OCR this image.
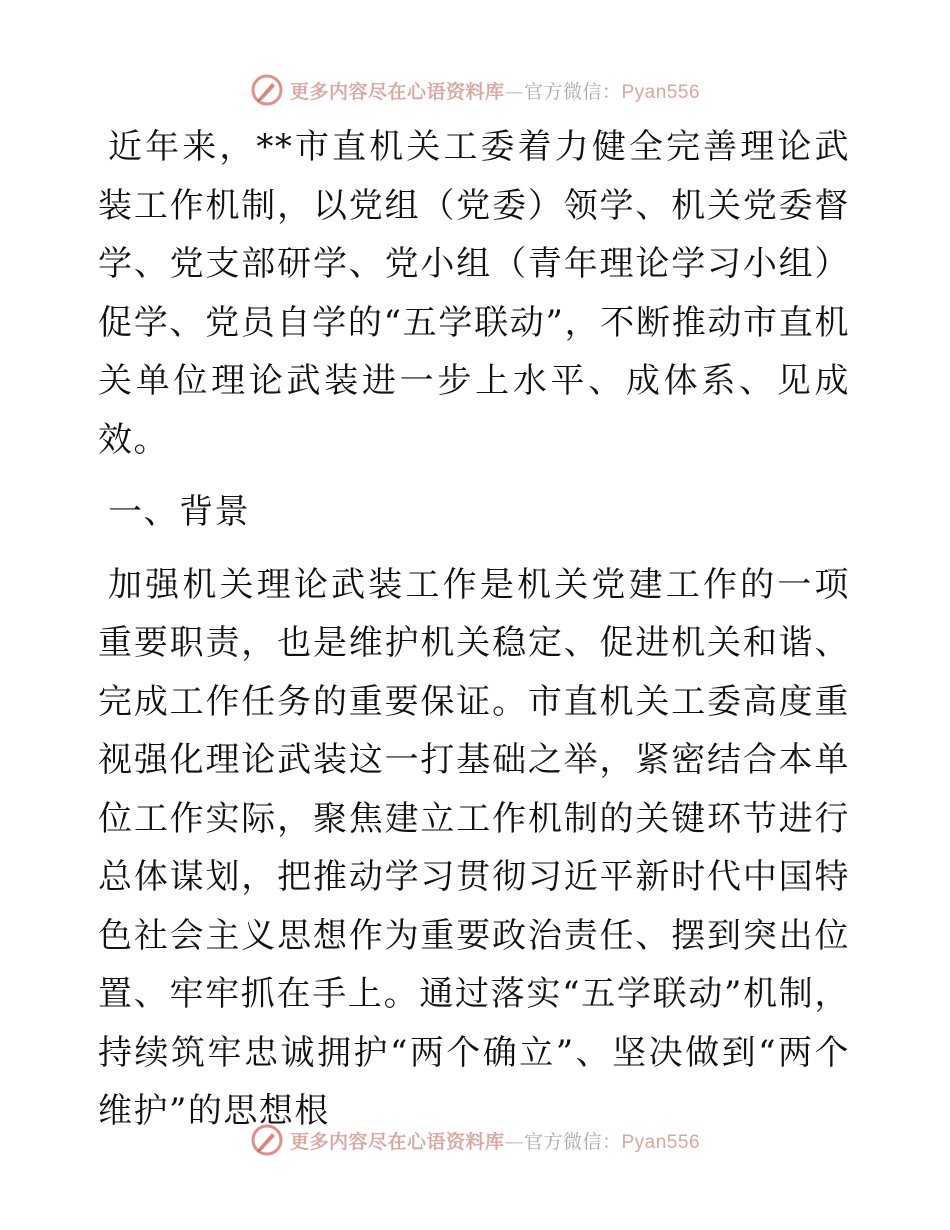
更多内容尽在心语资料库—官方微信：Pyan556

近年来，**市直机关工委着力健全完善理论武装工作机制，以党组（党委）领学、机关党委督学、党支部研学、党小组（青年理论学习小组）促学、党员自学的“五学联动”，不断推动市直机关单位理论武装进一步上水平、成体系、见成效。

一、背景

加强机关理论武装工作是机关党建工作的一项重要职责，也是维护机关稳定、促进机关和谐、完成工作任务的重要保证。市直机关工委高度重视强化理论武装这一打基础之举，紧密结合本单位工作实际，聚焦建立工作机制的关键环节进行总体谋划，把推动学习贯彻习近平新时代中国特色社会主义思想作为重要政治责任、摆到突出位置、牢牢抓在手上。通过落实“五学联动”机制，持续筑牢忠诚拥护“两个确立”、坚决做到“两个维护”的思想根

更多内容尽在心语资料库—官方微信：Pyan556
